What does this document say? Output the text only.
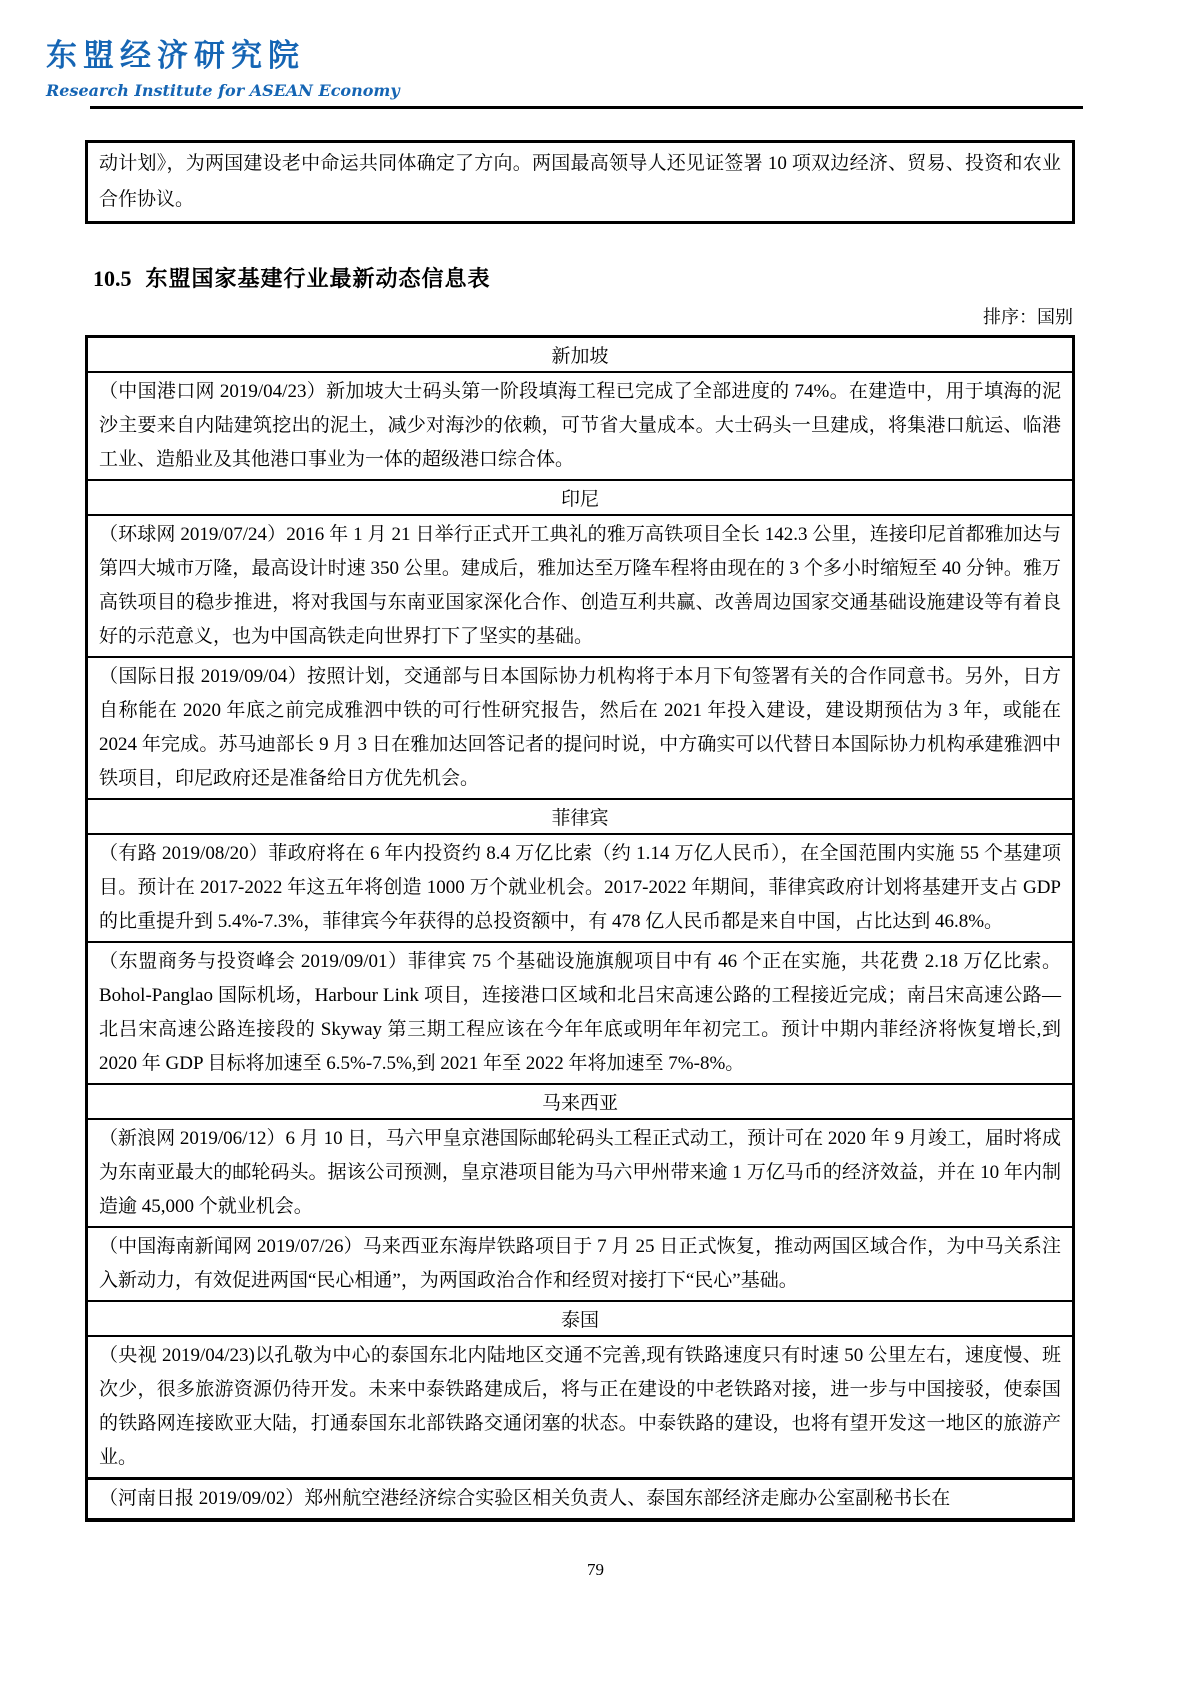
东盟经济研究院
Research Institute for ASEAN Economy

动计划》，为两国建设老中命运共同体确定了方向。两国最高领导人还见证签署 10 项双边经济、贸易、投资和农业合作协议。

10.5 东盟国家基建行业最新动态信息表
排序：国别
新加坡
（中国港口网 2019/04/23）新加坡大士码头第一阶段填海工程已完成了全部进度的 74%。在建造中，用于填海的泥沙主要来自内陆建筑挖出的泥土，减少对海沙的依赖，可节省大量成本。大士码头一旦建成，将集港口航运、临港工业、造船业及其他港口事业为一体的超级港口综合体。
印尼
（环球网 2019/07/24）2016 年 1 月 21 日举行正式开工典礼的雅万高铁项目全长 142.3 公里，连接印尼首都雅加达与第四大城市万隆，最高设计时速 350 公里。建成后，雅加达至万隆车程将由现在的 3 个多小时缩短至 40 分钟。雅万高铁项目的稳步推进，将对我国与东南亚国家深化合作、创造互利共赢、改善周边国家交通基础设施建设等有着良好的示范意义，也为中国高铁走向世界打下了坚实的基础。
（国际日报 2019/09/04）按照计划，交通部与日本国际协力机构将于本月下旬签署有关的合作同意书。另外，日方自称能在 2020 年底之前完成雅泗中铁的可行性研究报告，然后在 2021 年投入建设，建设期预估为 3 年，或能在 2024 年完成。苏马迪部长 9 月 3 日在雅加达回答记者的提问时说，中方确实可以代替日本国际协力机构承建雅泗中铁项目，印尼政府还是准备给日方优先机会。
菲律宾
（有路 2019/08/20）菲政府将在 6 年内投资约 8.4 万亿比索（约 1.14 万亿人民币），在全国范围内实施 55 个基建项目。预计在 2017-2022 年这五年将创造 1000 万个就业机会。2017-2022 年期间，菲律宾政府计划将基建开支占 GDP 的比重提升到 5.4%-7.3%，菲律宾今年获得的总投资额中，有 478 亿人民币都是来自中国，占比达到 46.8%。
（东盟商务与投资峰会 2019/09/01）菲律宾 75 个基础设施旗舰项目中有 46 个正在实施，共花费 2.18 万亿比索。Bohol-Panglao 国际机场，Harbour Link 项目，连接港口区域和北吕宋高速公路的工程接近完成；南吕宋高速公路—北吕宋高速公路连接段的 Skyway 第三期工程应该在今年年底或明年年初完工。预计中期内菲经济将恢复增长,到 2020 年 GDP 目标将加速至 6.5%-7.5%,到 2021 年至 2022 年将加速至 7%-8%。
马来西亚
（新浪网 2019/06/12）6 月 10 日，马六甲皇京港国际邮轮码头工程正式动工，预计可在 2020 年 9 月竣工，届时将成为东南亚最大的邮轮码头。据该公司预测，皇京港项目能为马六甲州带来逾 1 万亿马币的经济效益，并在 10 年内制造逾 45,000 个就业机会。
（中国海南新闻网 2019/07/26）马来西亚东海岸铁路项目于 7 月 25 日正式恢复，推动两国区域合作，为中马关系注入新动力，有效促进两国“民心相通”，为两国政治合作和经贸对接打下“民心”基础。
泰国
（央视 2019/04/23)以孔敬为中心的泰国东北内陆地区交通不完善,现有铁路速度只有时速 50 公里左右，速度慢、班次少，很多旅游资源仍待开发。未来中泰铁路建成后，将与正在建设的中老铁路对接，进一步与中国接驳，使泰国的铁路网连接欧亚大陆，打通泰国东北部铁路交通闭塞的状态。中泰铁路的建设，也将有望开发这一地区的旅游产业。

（河南日报 2019/09/02）郑州航空港经济综合实验区相关负责人、泰国东部经济走廊办公室副秘书长在
79
